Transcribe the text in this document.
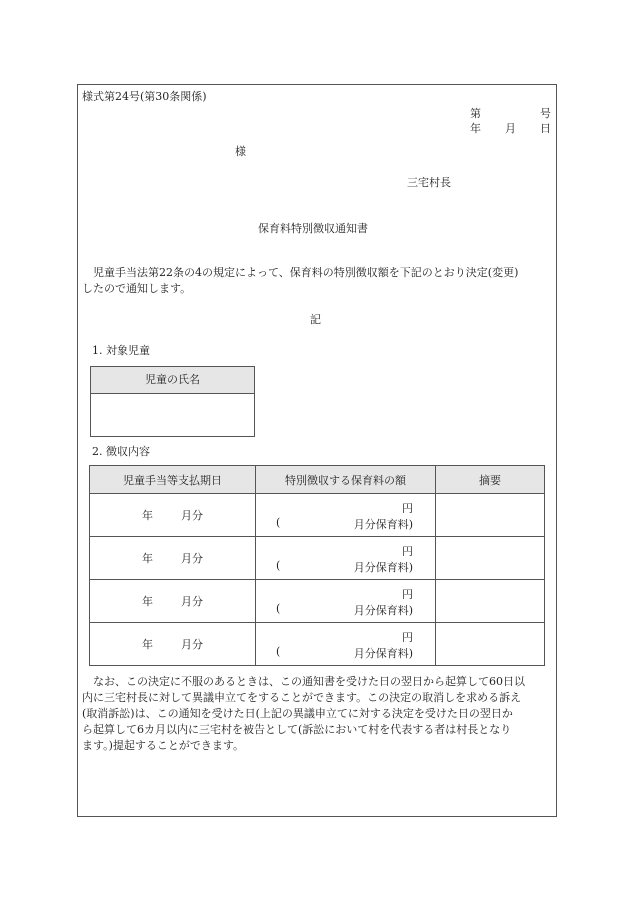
様式第24号(第30条関係)
第	号
年 月 日
様
三宅村長
保育料特別徴収通知書
　児童手当法第22条の4の規定によって、保育料の特別徴収額を下記のとおり決定(変更)
したので通知します。
記
1. 対象児童
児童の氏名
2. 徴収内容
児童手当等支払期日	特別徴収する保育料の額	摘要
年 月分	円
( 月分保育料)	

年 月分	円
( 月分保育料)	

年 月分	円
( 月分保育料)	

年 月分	円
( 月分保育料)	

　なお、この決定に不服のあるときは、この通知書を受けた日の翌日から起算して60日以
内に三宅村長に対して異議申立てをすることができます。この決定の取消しを求める訴え
(取消訴訟)は、この通知を受けた日(上記の異議申立てに対する決定を受けた日の翌日か
ら起算して6カ月以内に三宅村を被告として(訴訟において村を代表する者は村長となり
ます。)提起することができます。
